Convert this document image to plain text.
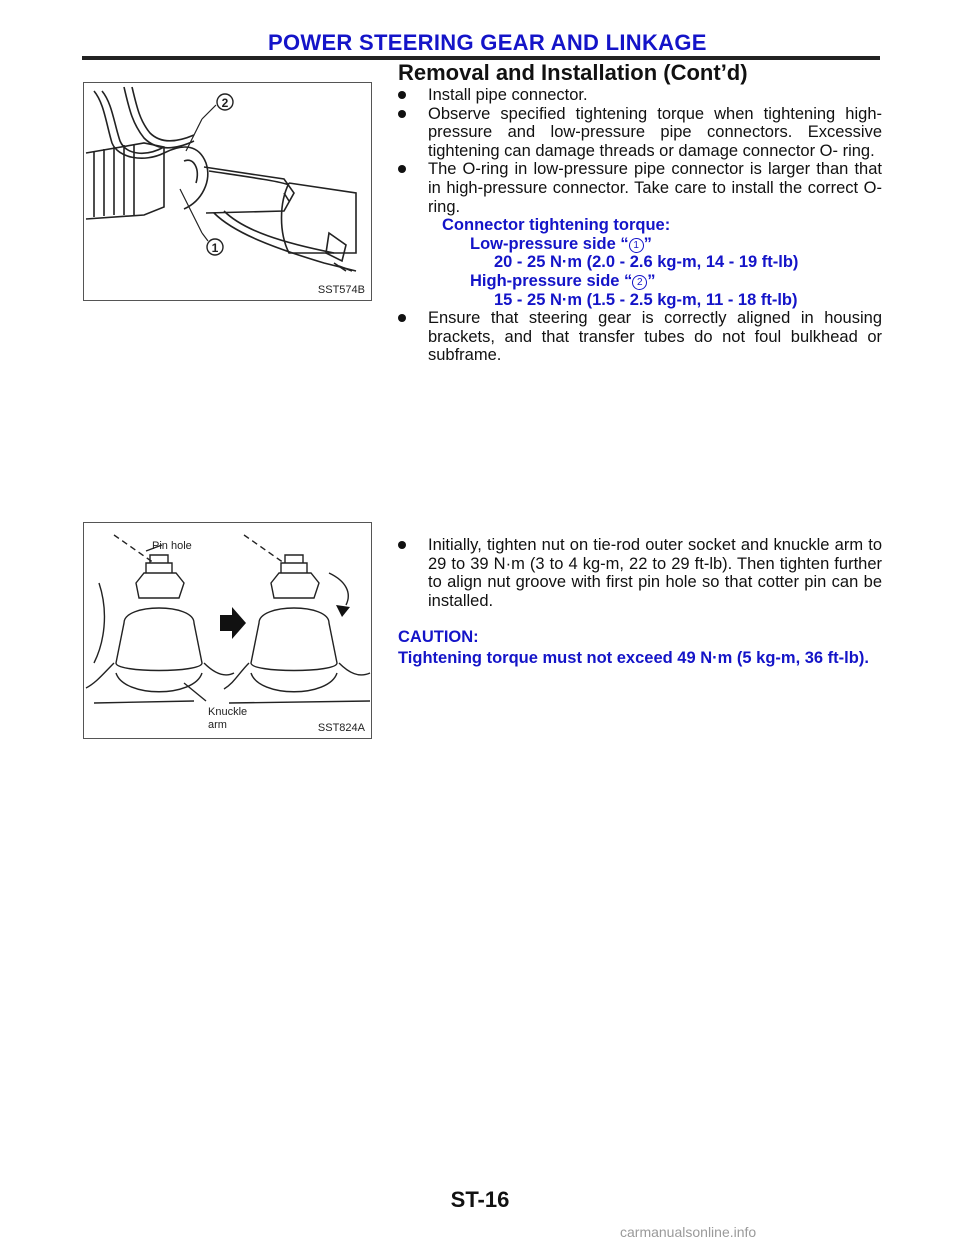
POWER STEERING GEAR AND LINKAGE
Removal and Installation (Cont’d)
2
1
SST574B
Pin hole
Knuckle
arm	SST824A

Install pipe connector.

Observe specified tightening torque when tightening high-pressure and low-pressure pipe connectors. Excessive tightening can damage threads or damage connector O- ring.

The O-ring in low-pressure pipe connector is larger than that in high-pressure connector. Take care to install the correct O-ring.

Connector tightening torque:

Low-pressure side “ 1 ”

20 - 25 N·m (2.0 - 2.6 kg-m, 14 - 19 ft-lb)

High-pressure side “ 2 ”

15 - 25 N·m (1.5 - 2.5 kg-m, 11 - 18 ft-lb)

Ensure that steering gear is correctly aligned in housing brackets, and that transfer tubes do not foul bulkhead or subframe.

Initially, tighten nut on tie-rod outer socket and knuckle arm to 29 to 39 N·m (3 to 4 kg-m, 22 to 29 ft-lb). Then tighten further to align nut groove with first pin hole so that cotter pin can be installed.

CAUTION:

Tightening torque must not exceed 49 N·m (5 kg-m, 36 ft-lb).

ST-16
carmanualsonline.info
